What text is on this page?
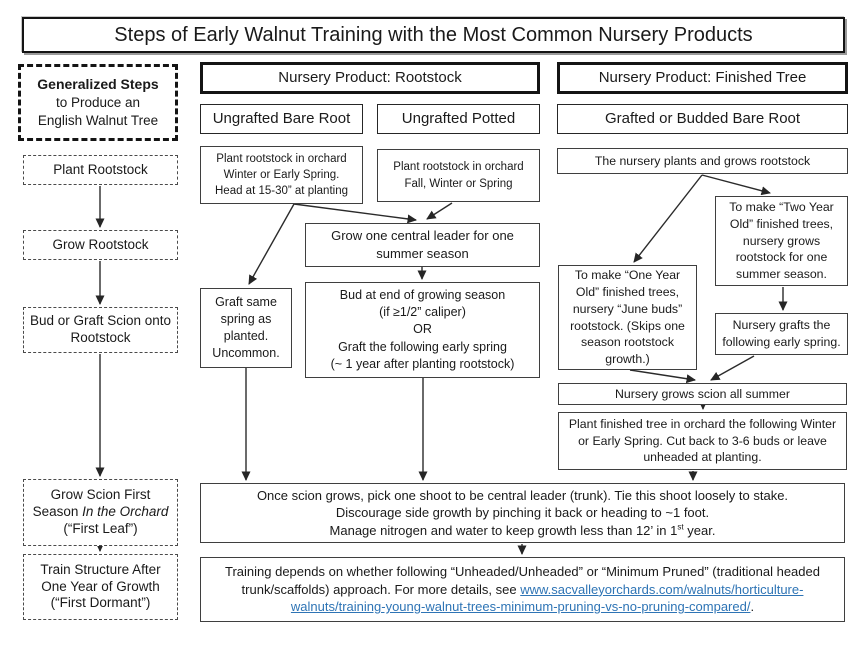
Steps of Early Walnut Training with the Most Common Nursery Products
Generalized Steps
to Produce an
English Walnut Tree
Plant Rootstock
Grow Rootstock
Bud or Graft Scion onto Rootstock
Grow Scion First Season In the Orchard (“First Leaf”)
Train Structure After One Year of Growth (“First Dormant”)
Nursery Product: Rootstock	Nursery Product: Finished Tree
Ungrafted Bare Root	Ungrafted Potted	Grafted or Budded Bare Root
Plant rootstock in orchard
Winter or Early Spring.
Head at 15-30” at planting
Plant rootstock in orchard
Fall, Winter or Spring
Grow one central leader for one summer season
Graft same spring as planted. Uncommon.
Bud at end of growing season
(if ≥1/2” caliper)
OR
Graft the following early spring
(~ 1 year after planting rootstock)
The nursery plants and grows rootstock
To make “Two Year Old” finished trees, nursery grows rootstock for one summer season.
To make “One Year Old” finished trees, nursery “June buds” rootstock. (Skips one season rootstock growth.)
Nursery grafts the following early spring.
Nursery grows scion all summer
Plant finished tree in orchard the following Winter
or Early Spring. Cut back to 3-6 buds or leave
unheaded at planting.
Once scion grows, pick one shoot to be central leader (trunk). Tie this shoot loosely to stake.
Discourage side growth by pinching it back or heading to ~1 foot.
Manage nitrogen and water to keep growth less than 12’ in 1st year.
Training depends on whether following “Unheaded/Unheaded” or “Minimum Pruned” (traditional headed trunk/scaffolds) approach. For more details, see www.sacvalleyorchards.com/walnuts/horticulture-walnuts/training-young-walnut-trees-minimum-pruning-vs-no-pruning-compared/.
